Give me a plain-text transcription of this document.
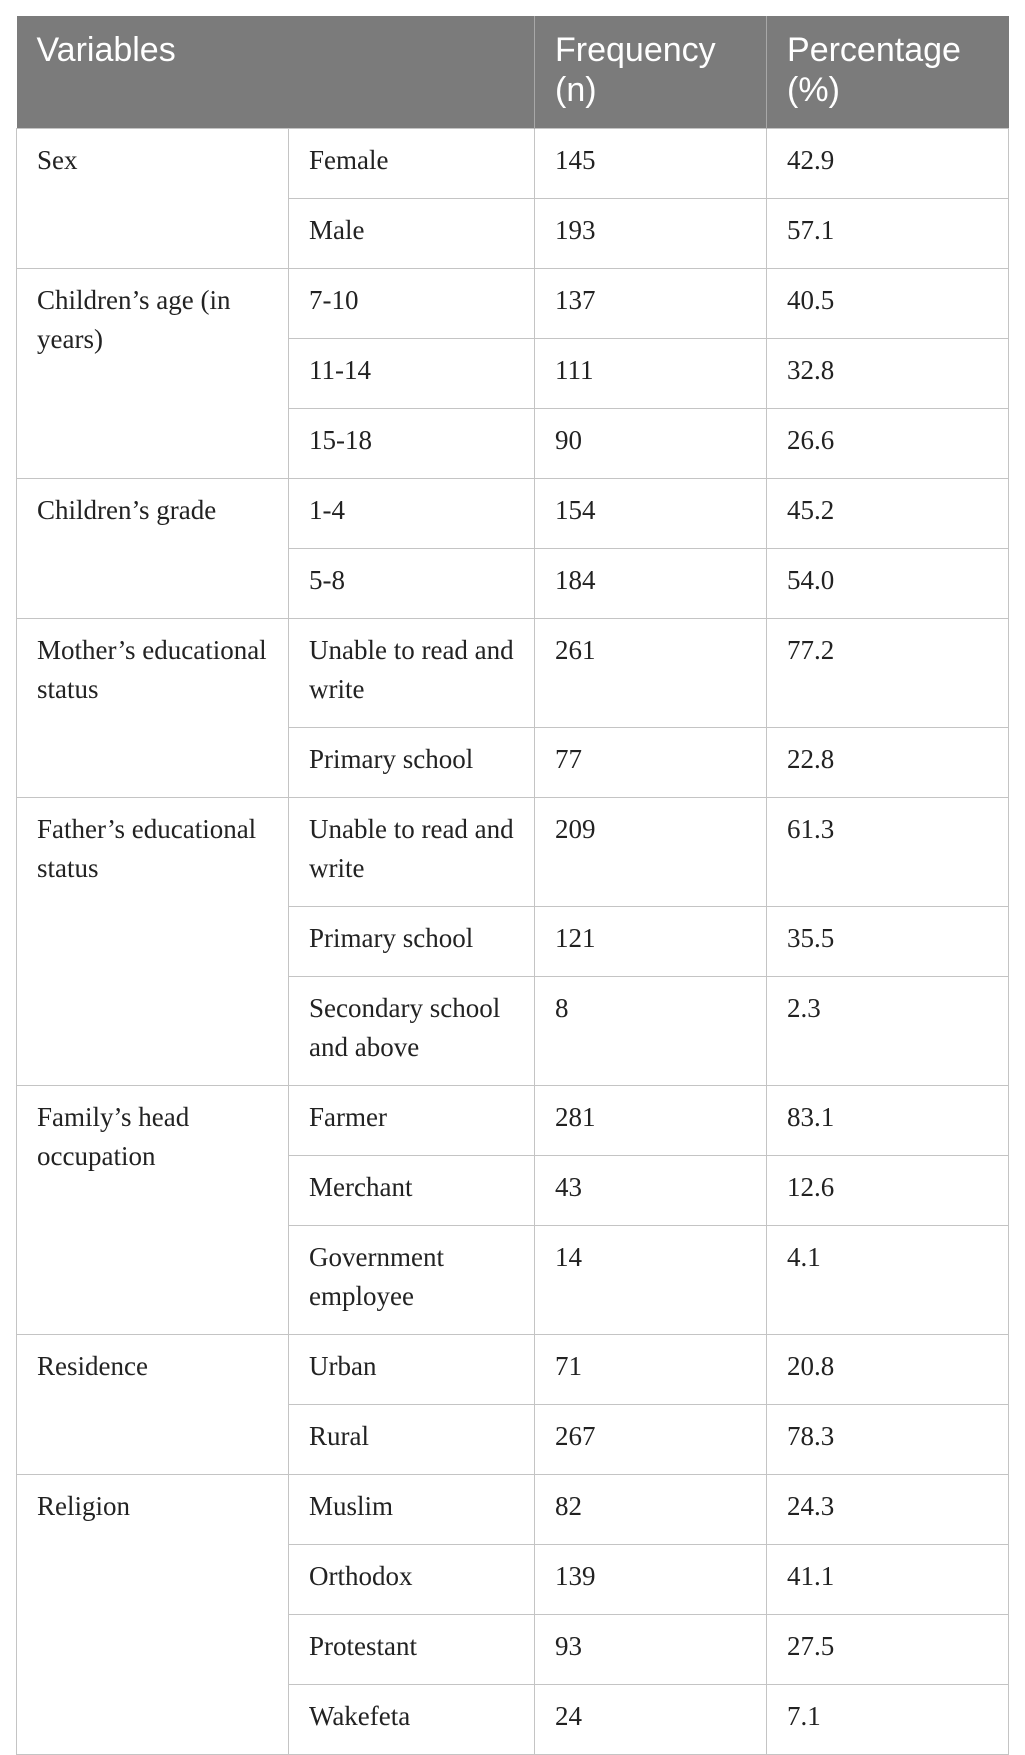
Variables		Frequency (n)	Percentage (%)
Sex	Female	145	42.9
	Male	193	57.1
Children’s age (in years)	7-10	137	40.5
	11-14	111	32.8
	15-18	90	26.6
Children’s grade	1-4	154	45.2
	5-8	184	54.0
Mother’s educational status	Unable to read and write	261	77.2
	Primary school	77	22.8
Father’s educational status	Unable to read and write	209	61.3
	Primary school	121	35.5
	Secondary school and above	8	2.3
Family’s head occupation	Farmer	281	83.1
	Merchant	43	12.6
	Government employee	14	4.1
Residence	Urban	71	20.8
	Rural	267	78.3
Religion	Muslim	82	24.3
	Orthodox	139	41.1
	Protestant	93	27.5
	Wakefeta	24	7.1
